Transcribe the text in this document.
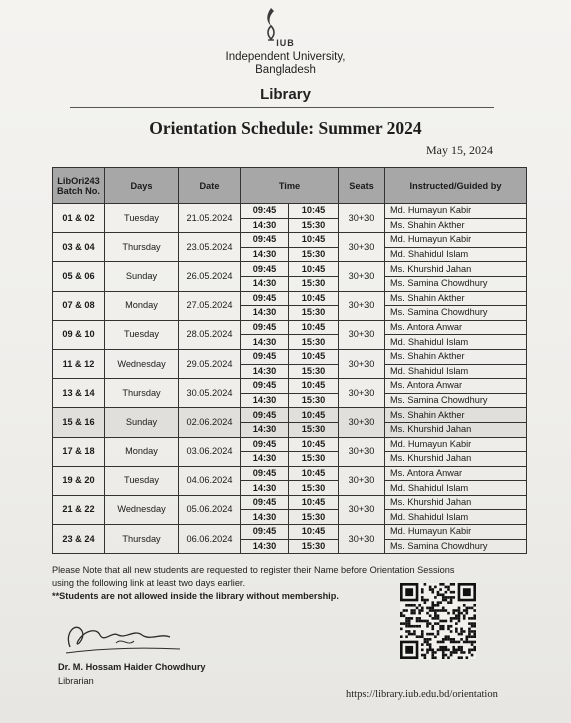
IUB
Independent University,
Bangladesh
Library
Orientation Schedule: Summer 2024
May 15, 2024
LibOri243
Batch No.	Days	Date	Time		Seats	Instructed/Guided by
01 & 02	Tuesday	21.05.2024	09:45	10:45	30+30	Md. Humayun Kabir
			14:30	15:30		Ms. Shahin Akther
03 & 04	Thursday	23.05.2024	09:45	10:45	30+30	Md. Humayun Kabir
			14:30	15:30		Md. Shahidul Islam
05 & 06	Sunday	26.05.2024	09:45	10:45	30+30	Ms. Khurshid Jahan
			14:30	15:30		Ms. Samina Chowdhury
07 & 08	Monday	27.05.2024	09:45	10:45	30+30	Ms. Shahin Akther
			14:30	15:30		Ms. Samina Chowdhury
09 & 10	Tuesday	28.05.2024	09:45	10:45	30+30	Ms. Antora Anwar
			14:30	15:30		Md. Shahidul Islam
11 & 12	Wednesday	29.05.2024	09:45	10:45	30+30	Ms. Shahin Akther
			14:30	15:30		Md. Shahidul Islam
13 & 14	Thursday	30.05.2024	09:45	10:45	30+30	Ms. Antora Anwar
			14:30	15:30		Ms. Samina Chowdhury
15 & 16	Sunday	02.06.2024	09:45	10:45	30+30	Ms. Shahin Akther
			14:30	15:30		Ms. Khurshid Jahan
17 & 18	Monday	03.06.2024	09:45	10:45	30+30	Md. Humayun Kabir
			14:30	15:30		Ms. Khurshid Jahan
19 & 20	Tuesday	04.06.2024	09:45	10:45	30+30	Ms. Antora Anwar
			14:30	15:30		Md. Shahidul Islam
21 & 22	Wednesday	05.06.2024	09:45	10:45	30+30	Ms. Khurshid Jahan
			14:30	15:30		Md. Shahidul Islam
23 & 24	Thursday	06.06.2024	09:45	10:45	30+30	Md. Humayun Kabir
			14:30	15:30		Ms. Samina Chowdhury
Please Note that all new students are requested to register their Name before Orientation Sessions using the following link at least two days earlier.
**Students are not allowed inside the library without membership.
Dr. M. Hossam Haider Chowdhury
Librarian
https://library.iub.edu.bd/orientation
